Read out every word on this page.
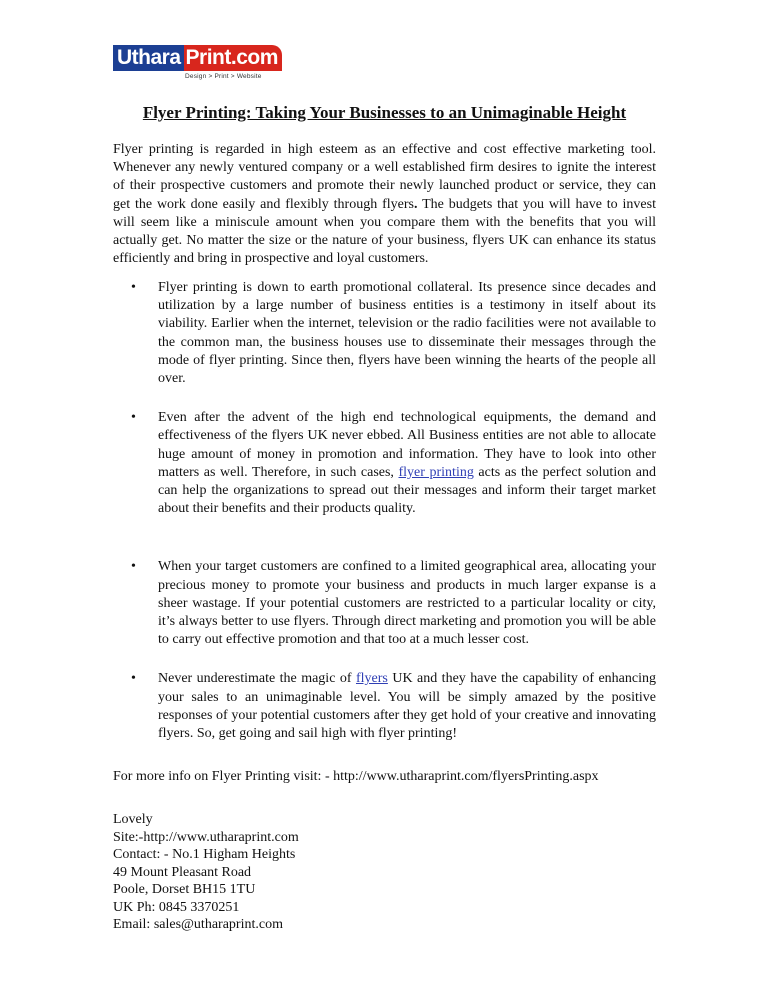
Uthara Print.com
Design > Print > Website
Flyer Printing: Taking Your Businesses to an Unimaginable Height

Flyer printing is regarded in high esteem as an effective and cost effective marketing tool. Whenever any newly ventured company or a well established firm desires to ignite the interest of their prospective customers and promote their newly launched product or service, they can get the work done easily and flexibly through flyers. The budgets that you will have to invest will seem like a miniscule amount when you compare them with the benefits that you will actually get. No matter the size or the nature of your business, flyers UK can enhance its status efficiently and bring in prospective and loyal customers.

• Flyer printing is down to earth promotional collateral. Its presence since decades and utilization by a large number of business entities is a testimony in itself about its viability. Earlier when the internet, television or the radio facilities were not available to the common man, the business houses use to disseminate their messages through the mode of flyer printing. Since then, flyers have been winning the hearts of the people all over.
• Even after the advent of the high end technological equipments, the demand and effectiveness of the flyers UK never ebbed. All Business entities are not able to allocate huge amount of money in promotion and information. They have to look into other matters as well. Therefore, in such cases, flyer printing acts as the perfect solution and can help the organizations to spread out their messages and inform their target market about their benefits and their products quality.
• When your target customers are confined to a limited geographical area, allocating your precious money to promote your business and products in much larger expanse is a sheer wastage. If your potential customers are restricted to a particular locality or city, it’s always better to use flyers. Through direct marketing and promotion you will be able to carry out effective promotion and that too at a much lesser cost.
• Never underestimate the magic of flyers UK and they have the capability of enhancing your sales to an unimaginable level. You will be simply amazed by the positive responses of your potential customers after they get hold of your creative and innovating flyers. So, get going and sail high with flyer printing!

For more info on Flyer Printing visit: - http://www.utharaprint.com/flyersPrinting.aspx

Lovely
Site:-http://www.utharaprint.com
Contact: - No.1 Higham Heights
49 Mount Pleasant Road
Poole, Dorset BH15 1TU
UK Ph: 0845 3370251
Email: sales@utharaprint.com
